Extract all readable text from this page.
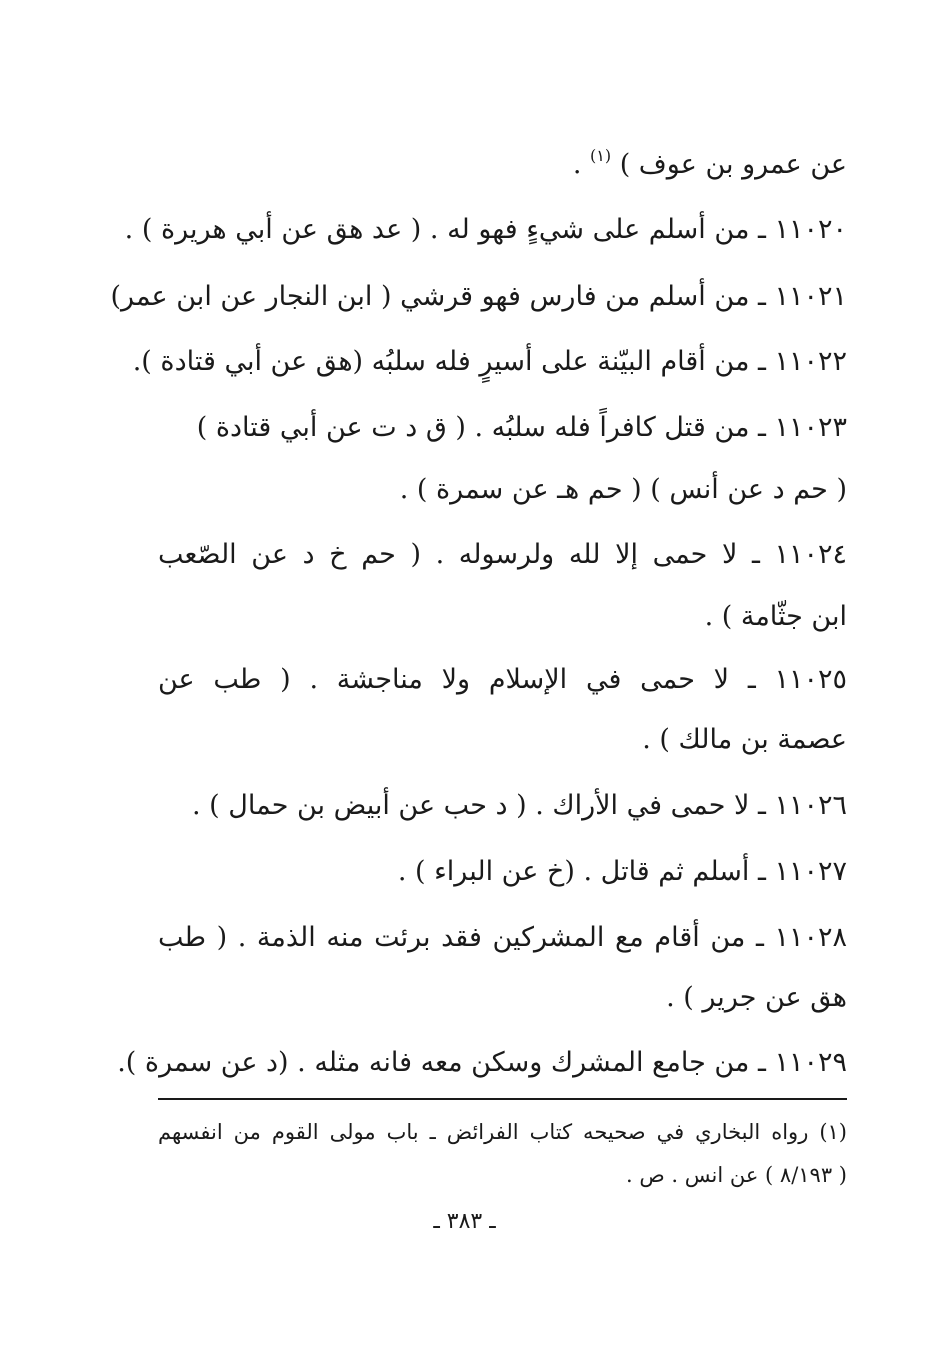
عن عمرو بن عوف ) $^{(١)}$ .
١١٠٢٠ ـ من أسلم على شيءٍ فهو له . ( عد هق عن أبي هريرة ) .
١١٠٢١ ـ من أسلم من فارس فهو قرشي ( ابن النجار عن ابن عمر)
١١٠٢٢ ـ من أقام البيّنة على أسيرٍ فله سلبُه (هق عن أبي قتادة ).
١١٠٢٣ ـ من قتل كافراً فله سلبُه . ( ق د ت عن أبي قتادة )
( حم د عن أنس ) ( حم هـ عن سمرة ) .
١١٠٢٤ ـ لا حمى إلا لله ولرسوله . ( حم خ د عن الصّعب
ابن جثّامة ) .
١١٠٢٥ ـ لا حمى في الإسلام ولا مناجشة . ( طب عن
عصمة بن مالك ) .
١١٠٢٦ ـ لا حمى في الأراك . ( د حب عن أبيض بن حمال ) .
١١٠٢٧ ـ أسلم ثم قاتل . (خ عن البراء ) .
١١٠٢٨ ـ من أقام مع المشركين فقد برئت منه الذمة . ( طب
هق عن جرير ) .
١١٠٢٩ ـ من جامع المشرك وسكن معه فانه مثله . (د عن سمرة ).
(١) رواه البخاري في صحيحه كتاب الفرائض ـ باب مولى القوم من انفسهم
( ٨/١٩٣ ) عن انس . ص .
ـ ٣٨٣ ـ
